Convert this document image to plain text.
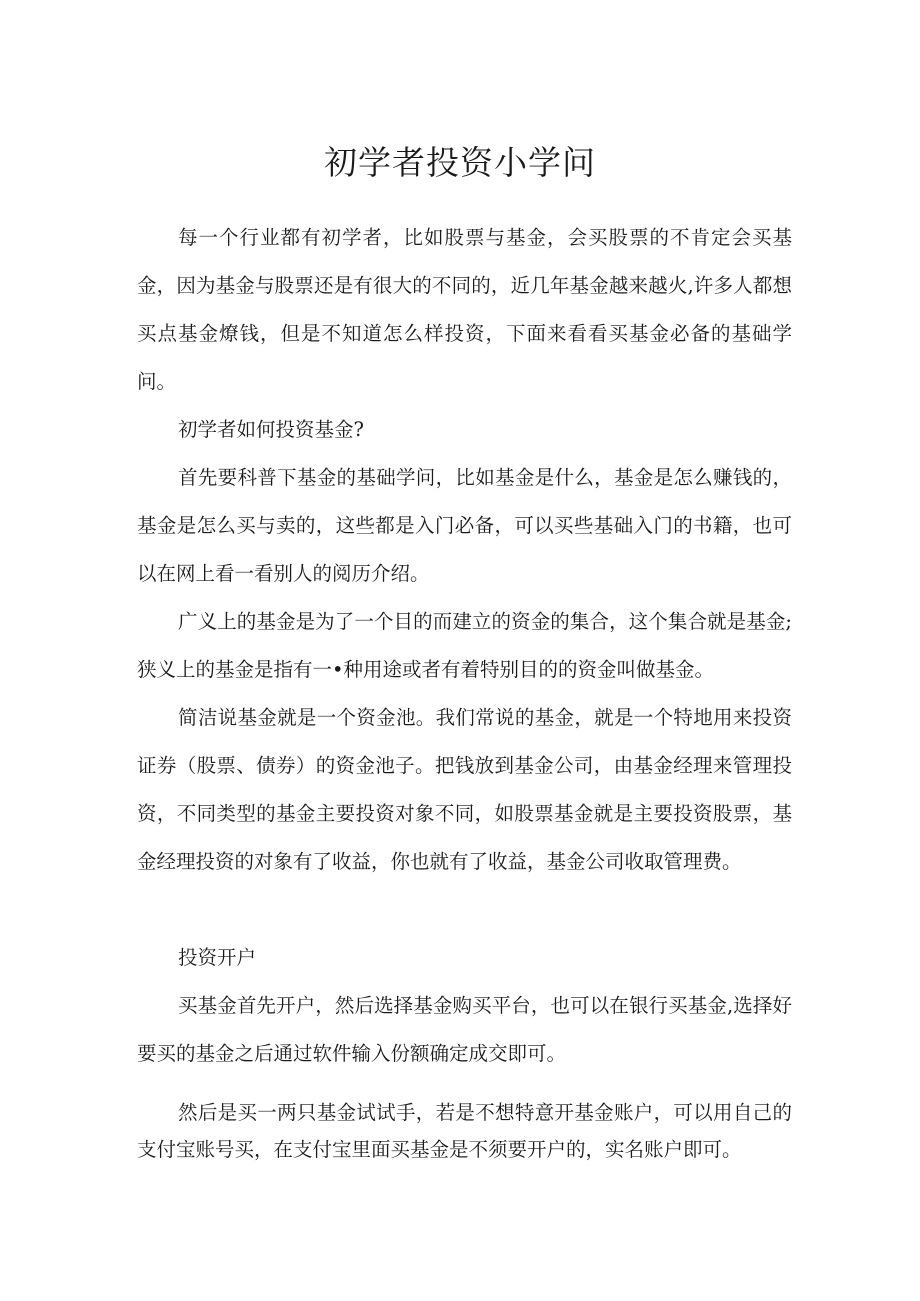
初学者投资小学问

每一个行业都有初学者，比如股票与基金，会买股票的不肯定会买基金，因为基金与股票还是有很大的不同的，近几年基金越来越火,许多人都想买点基金燎钱，但是不知道怎么样投资，下面来看看买基金必备的基础学问。

初学者如何投资基金?

首先要科普下基金的基础学问，比如基金是什么，基金是怎么赚钱的，基金是怎么买与卖的，这些都是入门必备，可以买些基础入门的书籍，也可以在网上看一看别人的阅历介绍。

广义上的基金是为了一个目的而建立的资金的集合，这个集合就是基金;狭义上的基金是指有一•种用途或者有着特别目的的资金叫做基金。

简洁说基金就是一个资金池。我们常说的基金，就是一个特地用来投资证券（股票、债券）的资金池子。把钱放到基金公司，由基金经理来管理投资，不同类型的基金主要投资对象不同，如股票基金就是主要投资股票，基金经理投资的对象有了收益，你也就有了收益，基金公司收取管理费。

投资开户

买基金首先开户，然后选择基金购买平台，也可以在银行买基金,选择好要买的基金之后通过软件输入份额确定成交即可。

然后是买一两只基金试试手，若是不想特意开基金账户，可以用自己的支付宝账号买，在支付宝里面买基金是不须要开户的，实名账户即可。
